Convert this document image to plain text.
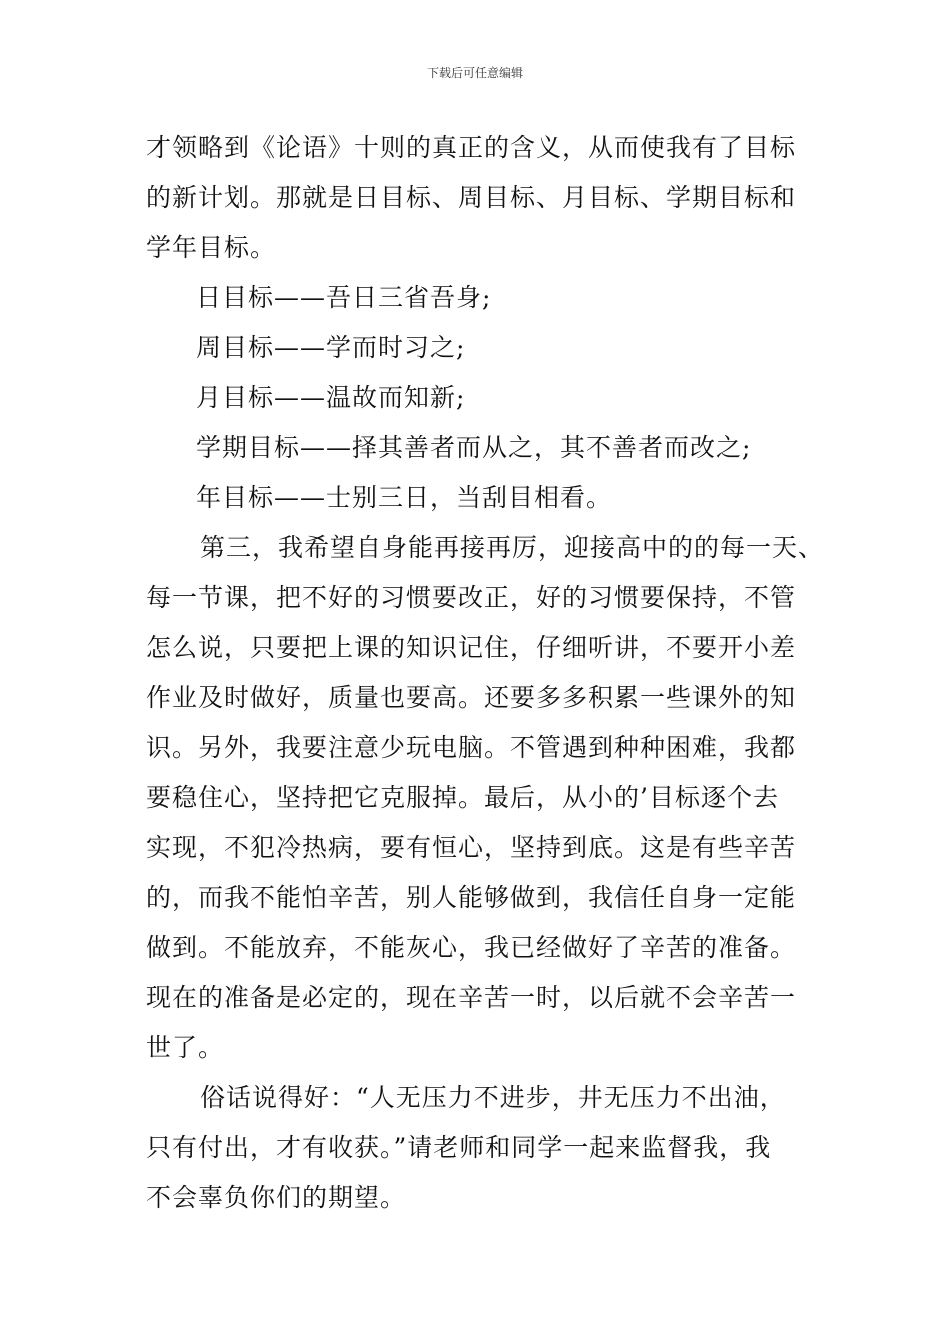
下载后可任意编辑
才领略到《论语》十则的真正的含义，从而使我有了目标
的新计划。那就是日目标、周目标、月目标、学期目标和
学年目标。
日目标——吾日三省吾身;
周目标——学而时习之;
月目标——温故而知新;
学期目标——择其善者而从之，其不善者而改之;
年目标——士别三日，当刮目相看。
第三，我希望自身能再接再厉，迎接高中的的每一天、
每一节课，把不好的习惯要改正，好的习惯要保持，不管
怎么说，只要把上课的知识记住，仔细听讲，不要开小差
作业及时做好，质量也要高。还要多多积累一些课外的知
识。另外，我要注意少玩电脑。不管遇到种种困难，我都
要稳住心，坚持把它克服掉。最后，从小的’目标逐个去
实现，不犯冷热病，要有恒心，坚持到底。这是有些辛苦
的，而我不能怕辛苦，别人能够做到，我信任自身一定能
做到。不能放弃，不能灰心，我已经做好了辛苦的准备。
现在的准备是必定的，现在辛苦一时，以后就不会辛苦一
世了。
俗话说得好：“人无压力不进步，井无压力不出油，
只有付出，才有收获。”请老师和同学一起来监督我，我
不会辜负你们的期望。
